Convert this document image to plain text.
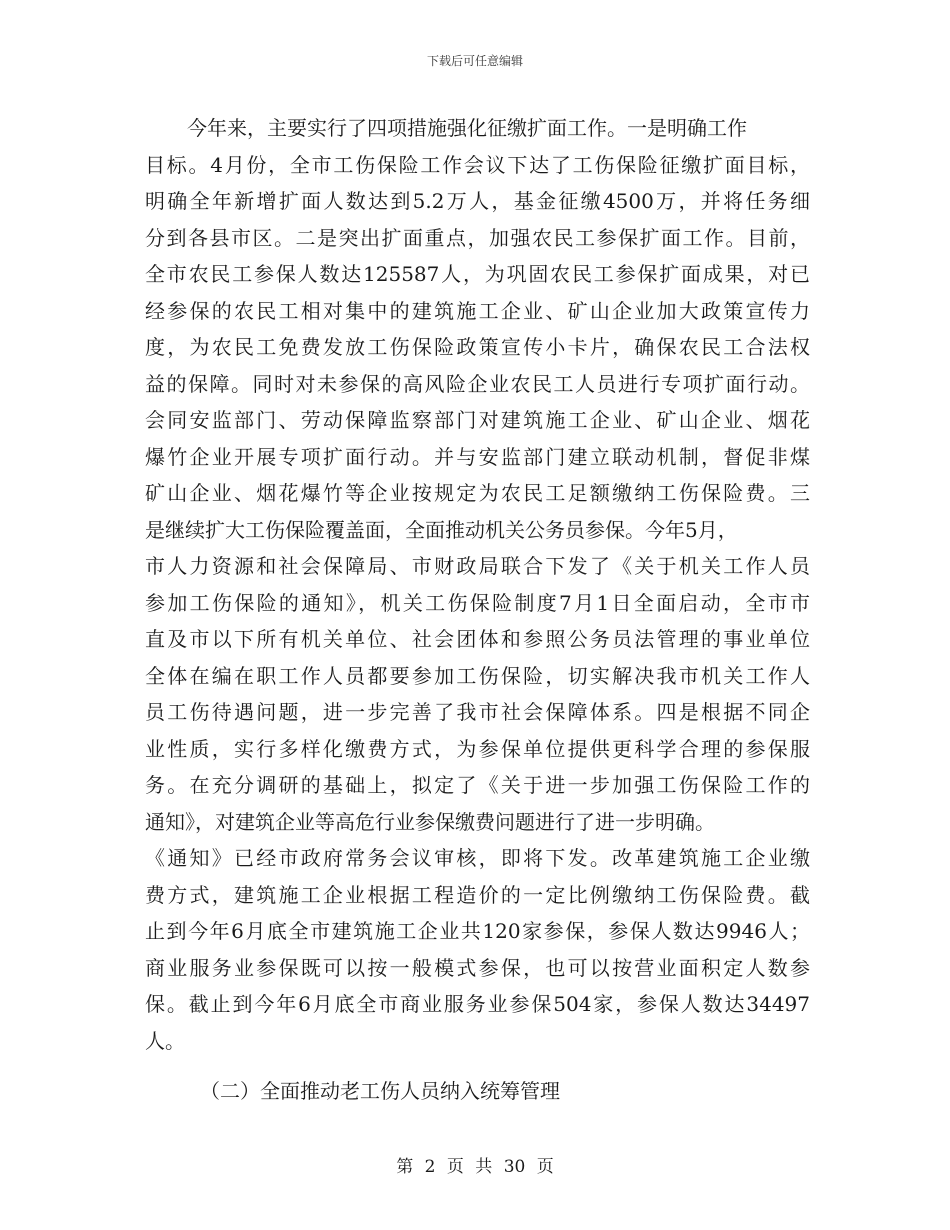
下载后可任意编辑
今年来，主要实行了四项措施强化征缴扩面工作。一是明确工作
目标。4月份，全市工伤保险工作会议下达了工伤保险征缴扩面目标，
明确全年新增扩面人数达到5.2万人，基金征缴4500万，并将任务细
分到各县市区。二是突出扩面重点，加强农民工参保扩面工作。目前，
全市农民工参保人数达125587人，为巩固农民工参保扩面成果，对已
经参保的农民工相对集中的建筑施工企业、矿山企业加大政策宣传力
度，为农民工免费发放工伤保险政策宣传小卡片，确保农民工合法权
益的保障。同时对未参保的高风险企业农民工人员进行专项扩面行动。
会同安监部门、劳动保障监察部门对建筑施工企业、矿山企业、烟花
爆竹企业开展专项扩面行动。并与安监部门建立联动机制，督促非煤
矿山企业、烟花爆竹等企业按规定为农民工足额缴纳工伤保险费。三
是继续扩大工伤保险覆盖面，全面推动机关公务员参保。今年5月，
市人力资源和社会保障局、市财政局联合下发了《关于机关工作人员
参加工伤保险的通知》，机关工伤保险制度7月1日全面启动，全市市
直及市以下所有机关单位、社会团体和参照公务员法管理的事业单位
全体在编在职工作人员都要参加工伤保险，切实解决我市机关工作人
员工伤待遇问题，进一步完善了我市社会保障体系。四是根据不同企
业性质，实行多样化缴费方式，为参保单位提供更科学合理的参保服
务。在充分调研的基础上，拟定了《关于进一步加强工伤保险工作的
通知》，对建筑企业等高危行业参保缴费问题进行了进一步明确。
《通知》已经市政府常务会议审核，即将下发。改革建筑施工企业缴
费方式，建筑施工企业根据工程造价的一定比例缴纳工伤保险费。截
止到今年6月底全市建筑施工企业共120家参保，参保人数达9946人；
商业服务业参保既可以按一般模式参保，也可以按营业面积定人数参
保。截止到今年6月底全市商业服务业参保504家，参保人数达34497
人。
（二）全面推动老工伤人员纳入统筹管理
第 2 页 共 30 页
